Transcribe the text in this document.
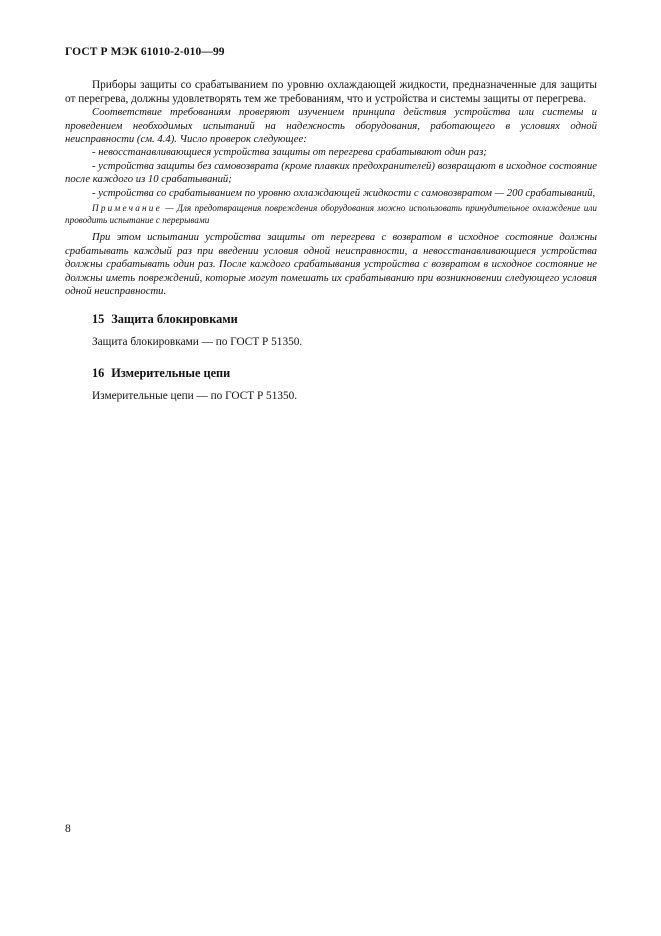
ГОСТ Р МЭК 61010-2-010—99

Приборы защиты со срабатыванием по уровню охлаждающей жидкости, предназначенные для защиты от перегрева, должны удовлетворять тем же требованиям, что и устройства и системы защиты от перегрева.

Соответствие требованиям проверяют изучением принципа действия устройства или системы и проведением необходимых испытаний на надежность оборудования, работающего в условиях одной неисправности (см. 4.4). Число проверок следующее:

- невосстанавливающиеся устройства защиты от перегрева срабатывают один раз;
- устройства защиты без самовозврата (кроме плавких предохранителей) возвращают в исходное состояние после каждого из 10 срабатываний;
- устройства со срабатыванием по уровню охлаждающей жидкости с самовозвратом — 200 срабатываний,
Примечание — Для предотвращения повреждения оборудования можно использовать принудительное охлаждение или проводить испытание с перерывами

При этом испытании устройства защиты от перегрева с возвратом в исходное состояние должны срабатывать каждый раз при введении условия одной неисправности, а невосстанавливающиеся устройства должны срабатывать один раз. После каждого срабатывания устройства с возвратом в исходное состояние не должны иметь повреждений, которые могут помешать их срабатыванию при возникновении следующего условия одной неисправности.

15 Защита блокировками
Защита блокировками — по ГОСТ Р 51350.
16 Измерительные цепи
Измерительные цепи — по ГОСТ Р 51350.
8
